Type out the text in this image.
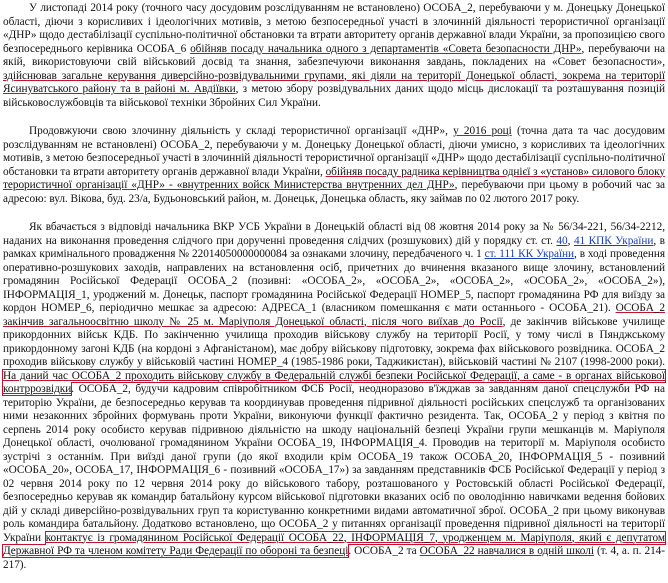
У листопаді 2014 року (точного часу досудовим розслідуванням не встановлено) ОСОБА_2, перебуваючи у м. Донецьку Донецької області, діючи з корисливих і ідеологічних мотивів, з метою безпосередньої участі в злочинній діяльності терористичної організації «ДНР» щодо дестабілізації суспільно-політичної обстановки та втрати авторитету органів державної влади України, за пропозицією свого безпосереднього керівника ОСОБА_6 обійняв посаду начальника одного з департаментів «Совета безопасности ДНР», перебуваючи на якій, використовуючи свій військовий досвід та знання, забезпечуючи виконання завдань, покладених на «Совет безопасности», здійснював загальне керування диверсійно-розвідувальними групами, які діяли на території Донецької області, зокрема на території Ясинуватського району та в районі м. Авдіївки, з метою збору розвідувальних даних щодо місць дислокації та розташування позицій військовослужбовців та військової техніки Збройних Сил України.

Продовжуючи свою злочинну діяльність у складі терористичної організації «ДНР», у 2016 році (точна дата та час досудовим розслідуванням не встановлені) ОСОБА_2, перебуваючи у м. Донецьку Донецької області, діючи умисно, з корисливих та ідеологічних мотивів, з метою безпосередньої участі в злочинній діяльності терористичної організації «ДНР» щодо дестабілізації суспільно-політичної обстановки та втрати авторитету органів державної влади України, обійняв посаду радника керівництва однієї з «установ» силового блоку терористичної організації «ДНР» - «внутренних войск Министерства внутренних дел ДНР», перебуваючи при цьому в робочий час за адресою: вул. Вікова, буд. 23/а, Будьоновський район, м. Донецьк, Донецька область, яку займав по 02 лютого 2017 року.

Як вбачається з відповіді начальника ВКР УСБ України в Донецькій області від 08 жовтня 2014 року за № 56/34-221, 56/34-2212, наданих на виконання проведення слідчого при дорученні проведення слідчих (розшукових) дій у порядку ст. ст. 40, 41 КПК України, в рамках кримінального провадження № 22014050000000084 за ознаками злочину, передбаченого ч. 1 ст. 111 КК України, в ході проведення оперативно-розшукових заходів, направлених на встановлення осіб, причетних до вчинення вказаного вище злочину, встановлений громадянин Російської Федерації ОСОБА_2 (позивні: «ОСОБА_2», «ОСОБА_2», «ОСОБА_2», «ОСОБА_2», «ОСОБА_2»), ІНФОРМАЦІЯ_1, уроджений м. Донецьк, паспорт громадянина Російської Федерації НОМЕР_5, паспорт громадянина РФ для виїзду за кордон НОМЕР_6, періодично мешкає за адресою: АДРЕСА_1 (власником помешкання є мати останнього - ОСОБА_21). ОСОБА_2 закінчив загальноосвітню школу № 25 м. Маріуполя Донецької області, після чого виїхав до Росії, де закінчив військове училище прикордонних військ КДБ. По закінченню училища проходив військову службу на території Росії, у тому числі в Пянджському прикордонному загоні КДБ (на кордоні з Афганістаном), має добру військову підготовку, зокрема фах військового розвідника. ОСОБА_2 проходив військову службу у військовій частині НОМЕР_4 (1985-1986 роки, Таджикистан), військовій частині № 2107 (1998-2000 роки). На даний час ОСОБА_2 проходить військову службу в Федеральній службі безпеки Російської Федерації, а саме - в органах військової контррозвідки. ОСОБА_2, будучи кадровим співробітником ФСБ Росії, неодноразово в'їжджав за завданням даної спецслужби РФ на територію України, де безпосередньо керував та координував проведення підривної діяльності російських спецслужб та організованих ними незаконних збройних формувань проти України, виконуючи функції фактично резидента. Так, ОСОБА_2 у період з квітня по серпень 2014 року особисто керував підривною діяльністю на шкоду національній безпеці України групи мешканців м. Маріуполя Донецької області, очолюваної громадянином України ОСОБА_19, ІНФОРМАЦІЯ_4. Проводив на території м. Маріуполя особисто зустрічі з останнім. При виїзді даної групи (до якої входили крім ОСОБА_19 також ОСОБА_20, ІНФОРМАЦІЯ_5 - позивний «ОСОБА_20», ОСОБА_17, ІНФОРМАЦІЯ_6 - позивний «ОСОБА_17») за завданням представників ФСБ Російської Федерації у період з 02 червня 2014 року по 12 червня 2014 року до військового табору, розташованого у Ростовській області Російської Федерації, безпосередньо керував як командир батальйону курсом військової підготовки вказаних осіб по оволодінню навичками ведення бойових дій у складі диверсійно-розвідувальних груп та користуванню конкретними видами автоматичної зброї. ОСОБА_2 при цьому виконував роль командира батальйону. Додатково встановлено, що ОСОБА_2 у питаннях організації проведення підривної діяльності на території України контактує із громадянином Російської Федерації ОСОБА_22, ІНФОРМАЦІЯ_7, уродженцем м. Маріуполя, який є депутатом Державної РФ та членом комітету Ради Федерації по обороні та безпеці. ОСОБА_2 та ОСОБА_22 навчалися в одній школі (т. 4, а. п. 214-217).
